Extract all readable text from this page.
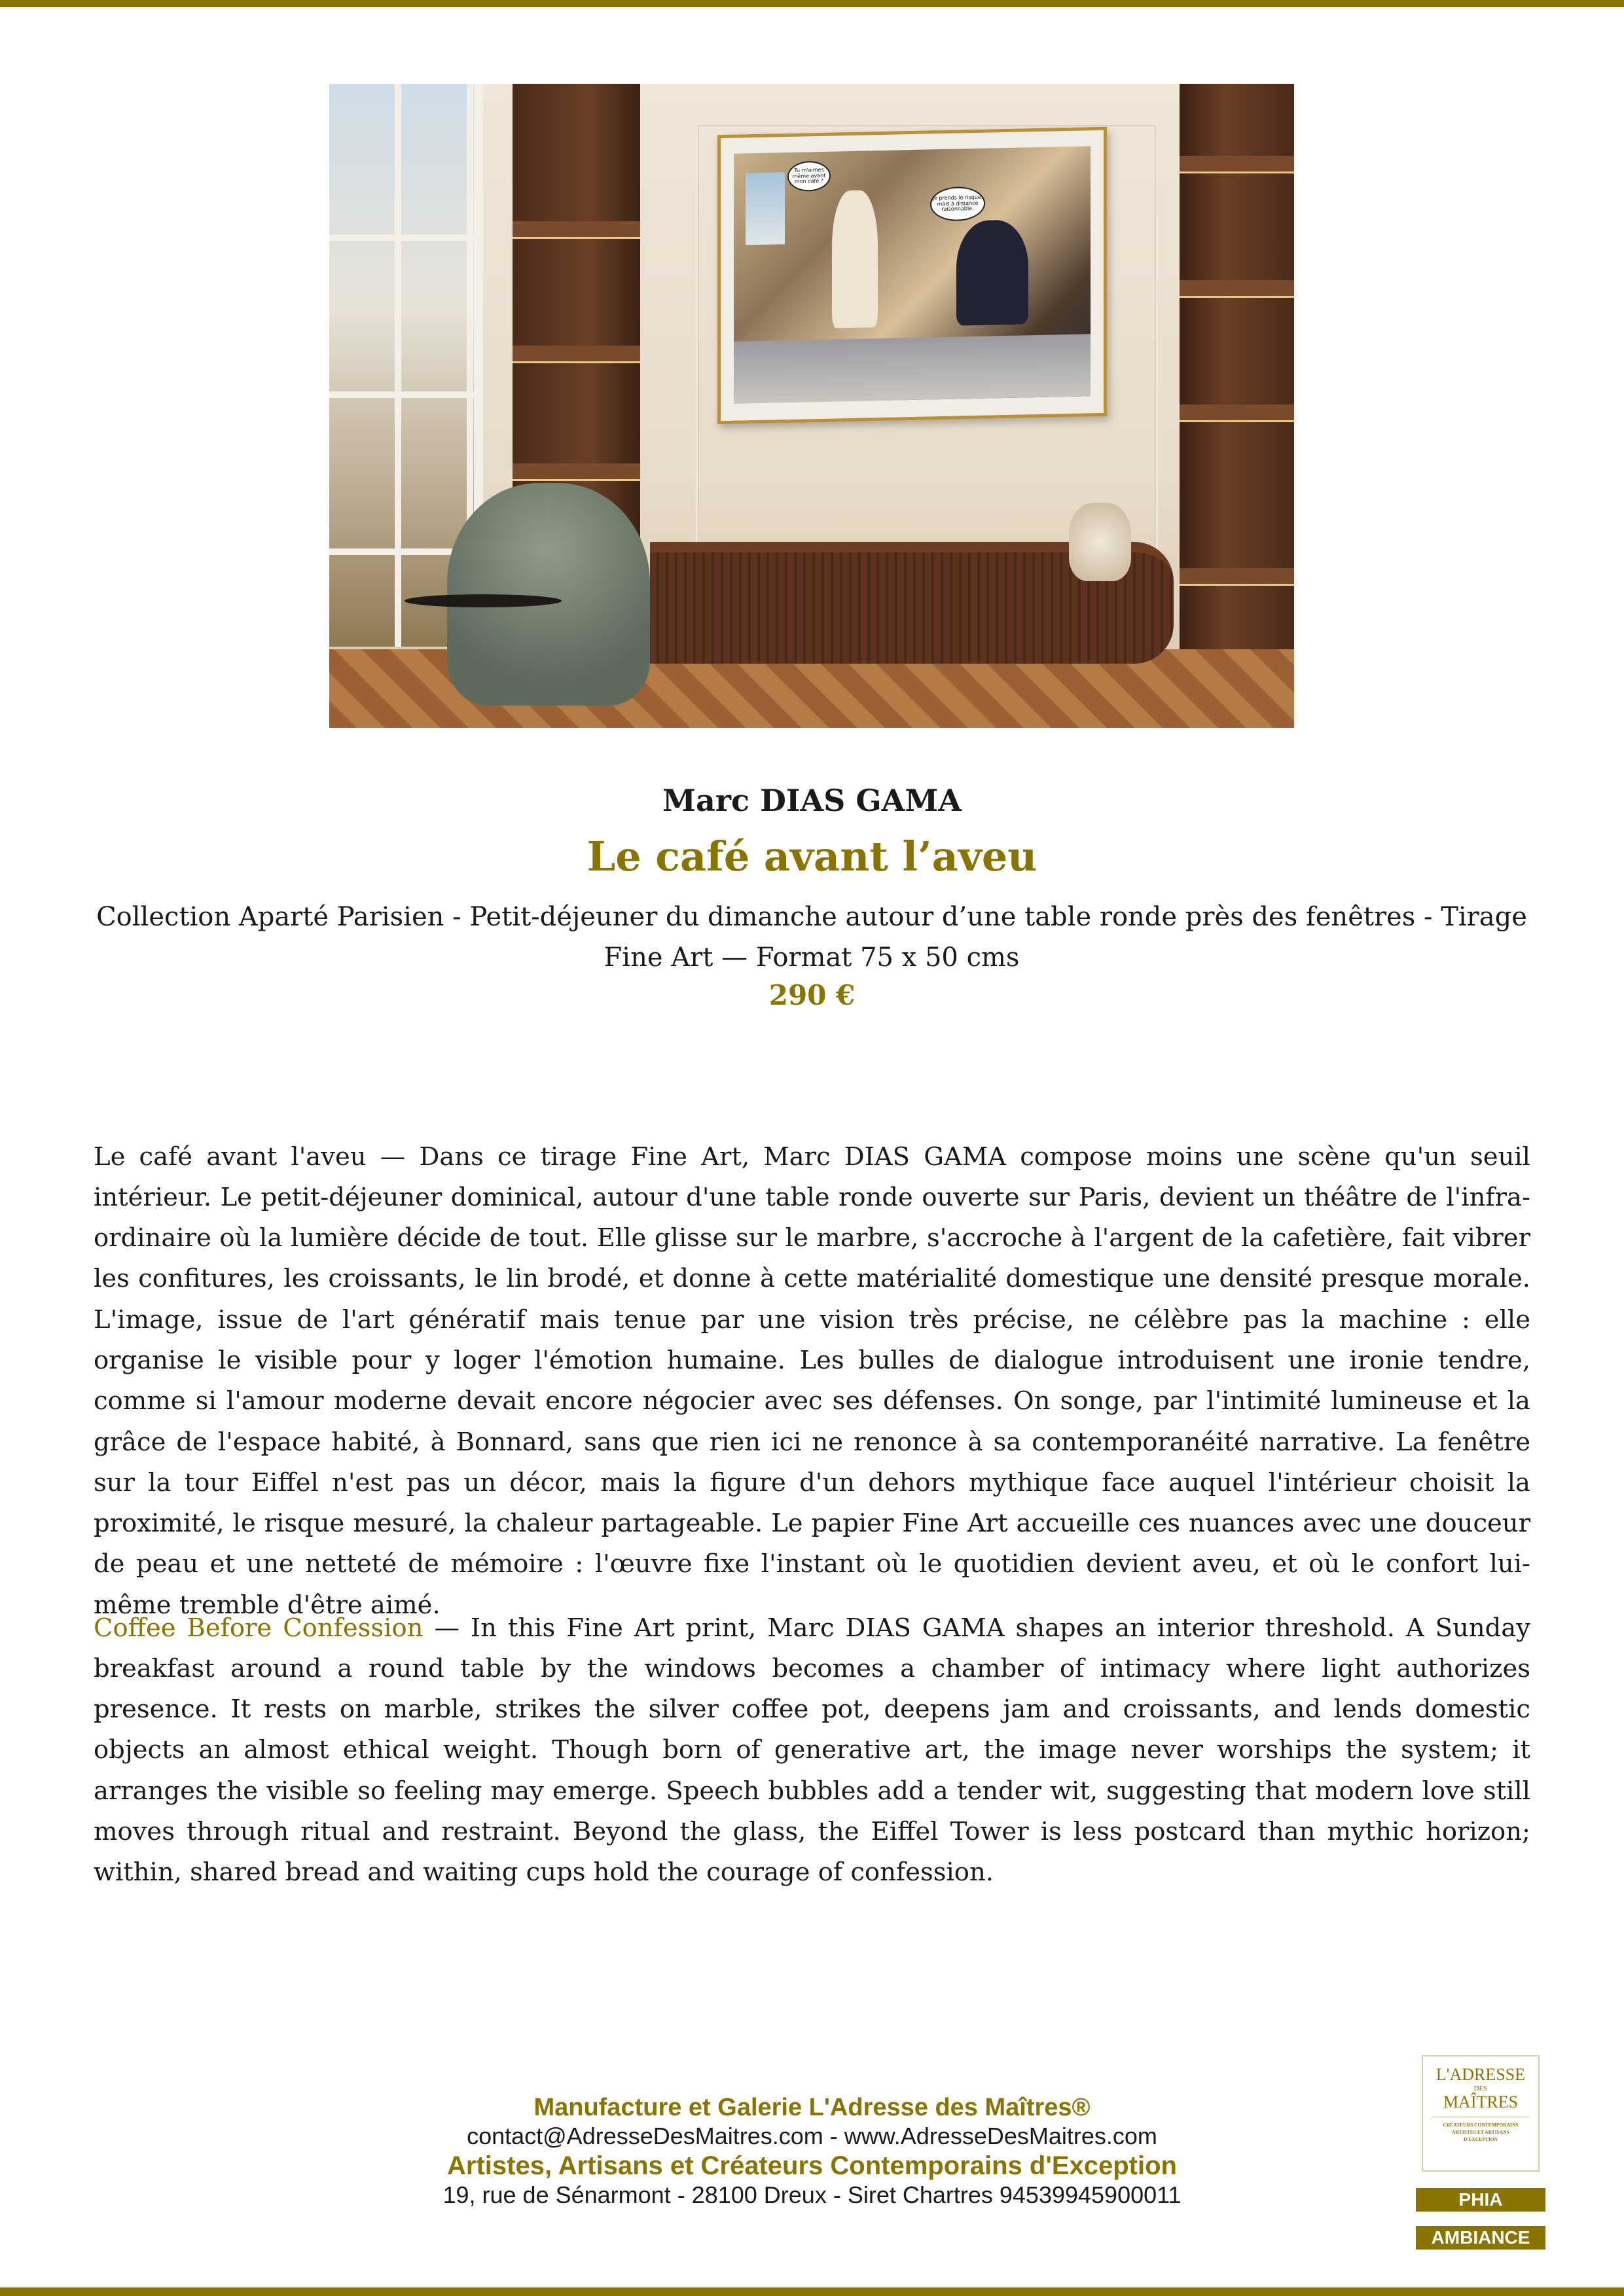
Tu m'aimes même avant mon café ?
Je prends le risque, mais à distance raisonnable.
Marc DIAS GAMA
Le café avant l’aveu
Collection Aparté Parisien - Petit-déjeuner du dimanche autour d’une table ronde près des fenêtres - Tirage Fine Art — Format 75 x 50 cms
290 €

Le café avant l'aveu — Dans ce tirage Fine Art, Marc DIAS GAMA compose moins une scène qu'un seuil intérieur. Le petit-déjeuner dominical, autour d'une table ronde ouverte sur Paris, devient un théâtre de l'infra-ordinaire où la lumière décide de tout. Elle glisse sur le marbre, s'accroche à l'argent de la cafetière, fait vibrer les confitures, les croissants, le lin brodé, et donne à cette matérialité domestique une densité presque morale. L'image, issue de l'art génératif mais tenue par une vision très précise, ne célèbre pas la machine : elle organise le visible pour y loger l'émotion humaine. Les bulles de dialogue introduisent une ironie tendre, comme si l'amour moderne devait encore négocier avec ses défenses. On songe, par l'intimité lumineuse et la grâce de l'espace habité, à Bonnard, sans que rien ici ne renonce à sa contemporanéité narrative. La fenêtre sur la tour Eiffel n'est pas un décor, mais la figure d'un dehors mythique face auquel l'intérieur choisit la proximité, le risque mesuré, la chaleur partageable. Le papier Fine Art accueille ces nuances avec une douceur de peau et une netteté de mémoire : l'œuvre fixe l'instant où le quotidien devient aveu, et où le confort lui-même tremble d'être aimé.

Coffee Before Confession — In this Fine Art print, Marc DIAS GAMA shapes an interior threshold. A Sunday breakfast around a round table by the windows becomes a chamber of intimacy where light authorizes presence. It rests on marble, strikes the silver coffee pot, deepens jam and croissants, and lends domestic objects an almost ethical weight. Though born of generative art, the image never worships the system; it arranges the visible so feeling may emerge. Speech bubbles add a tender wit, suggesting that modern love still moves through ritual and restraint. Beyond the glass, the Eiffel Tower is less postcard than mythic horizon; within, shared bread and waiting cups hold the courage of confession.

Manufacture et Galerie L'Adresse des Maîtres®
contact@AdresseDesMaitres.com - www.AdresseDesMaitres.com
Artistes, Artisans et Créateurs Contemporains d'Exception
19, rue de Sénarmont - 28100 Dreux - Siret Chartres 94539945900011
L'ADRESSE
DES
MAÎTRES
CRÉATEURS CONTEMPORAINS
ARTISTES ET ARTISANS
D'EXCEPTION
PHIA
AMBIANCE
